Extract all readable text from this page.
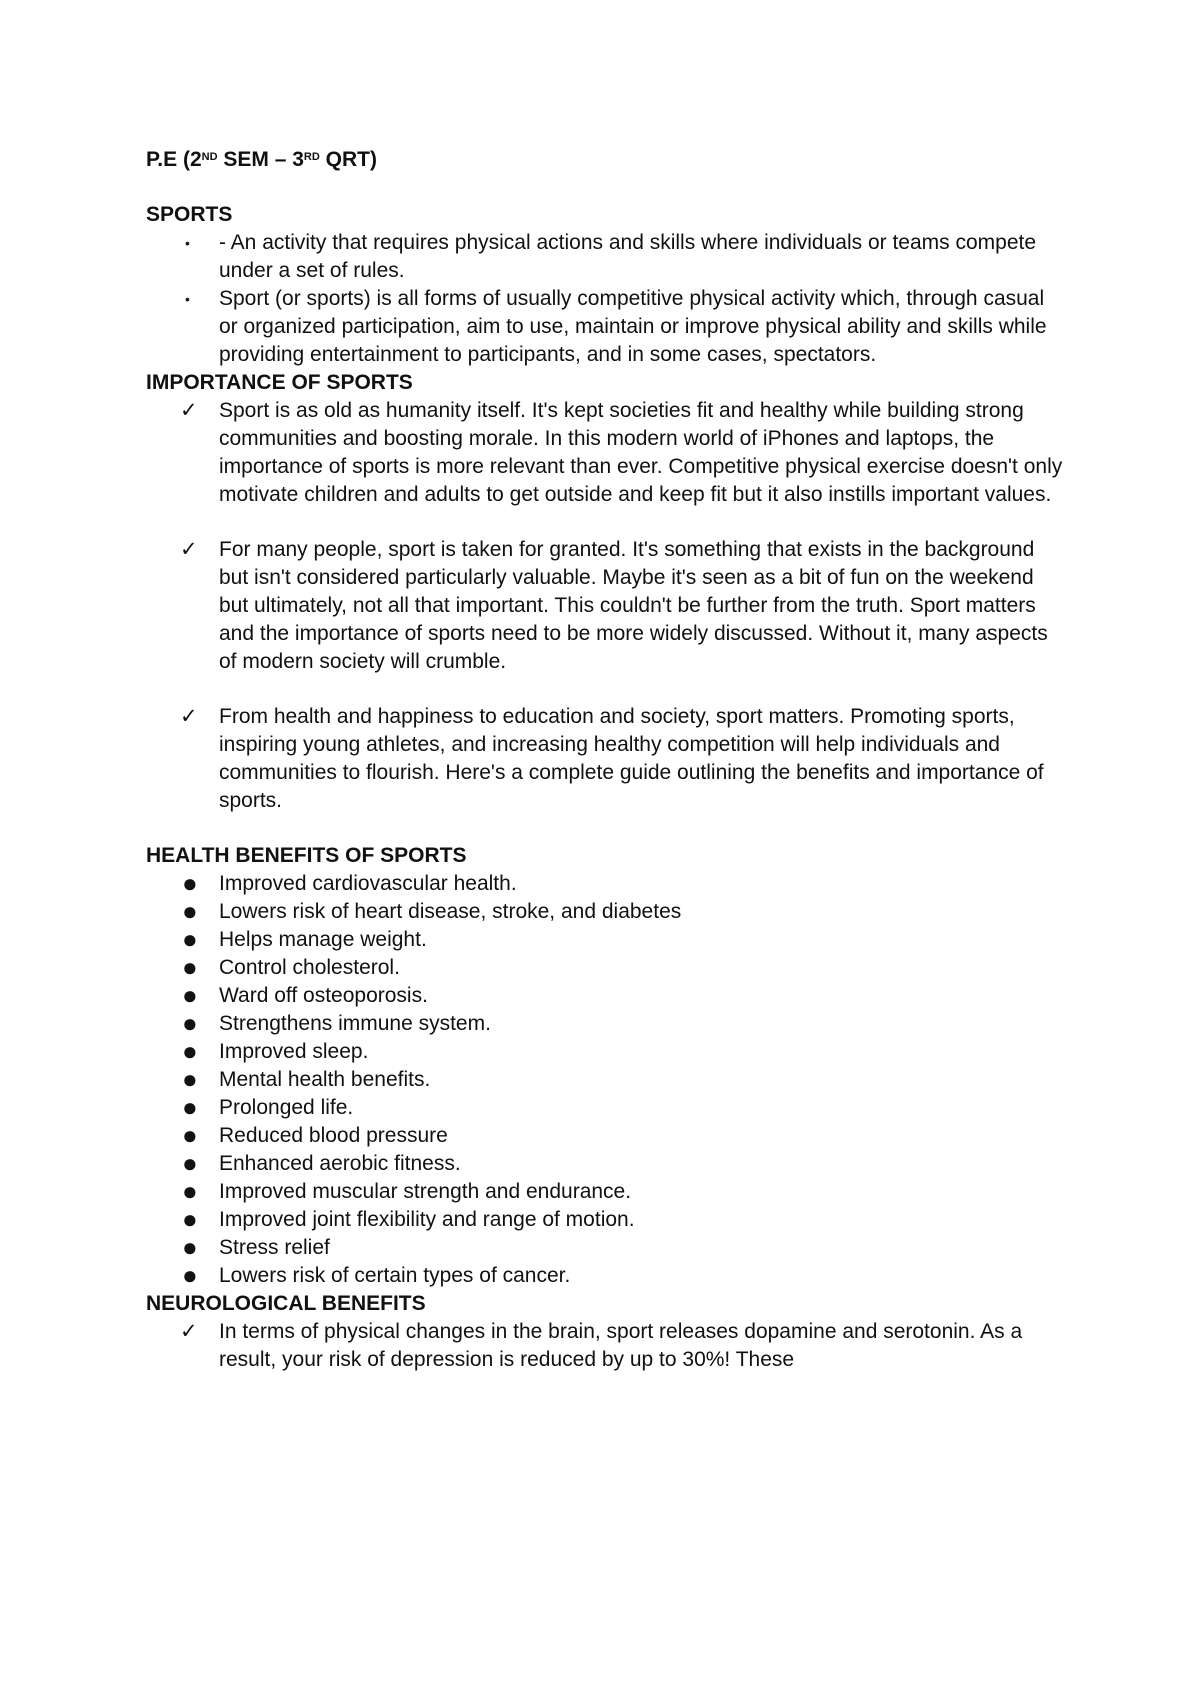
P.E (2ND SEM – 3RD QRT)
SPORTS
•	- An activity that requires physical actions and skills where individuals or teams compete under a set of rules.
•	Sport (or sports) is all forms of usually competitive physical activity which, through casual or organized participation, aim to use, maintain or improve physical ability and skills while providing entertainment to participants, and in some cases, spectators.
IMPORTANCE OF SPORTS
✓	Sport is as old as humanity itself. It's kept societies fit and healthy while building strong communities and boosting morale. In this modern world of iPhones and laptops, the importance of sports is more relevant than ever. Competitive physical exercise doesn't only motivate children and adults to get outside and keep fit but it also instills important values.
✓	For many people, sport is taken for granted. It's something that exists in the background but isn't considered particularly valuable. Maybe it's seen as a bit of fun on the weekend but ultimately, not all that important. This couldn't be further from the truth. Sport matters and the importance of sports need to be more widely discussed. Without it, many aspects of modern society will crumble.
✓	From health and happiness to education and society, sport matters. Promoting sports, inspiring young athletes, and increasing healthy competition will help individuals and communities to flourish. Here's a complete guide outlining the benefits and importance of sports.
HEALTH BENEFITS OF SPORTS
●	Improved cardiovascular health.
●	Lowers risk of heart disease, stroke, and diabetes
●	Helps manage weight.
●	Control cholesterol.
●	Ward off osteoporosis.
●	Strengthens immune system.
●	Improved sleep.
●	Mental health benefits.
●	Prolonged life.
●	Reduced blood pressure
●	Enhanced aerobic fitness.
●	Improved muscular strength and endurance.
●	Improved joint flexibility and range of motion.
●	Stress relief
●	Lowers risk of certain types of cancer.
NEUROLOGICAL BENEFITS
✓	In terms of physical changes in the brain, sport releases dopamine and serotonin. As a result, your risk of depression is reduced by up to 30%! These
